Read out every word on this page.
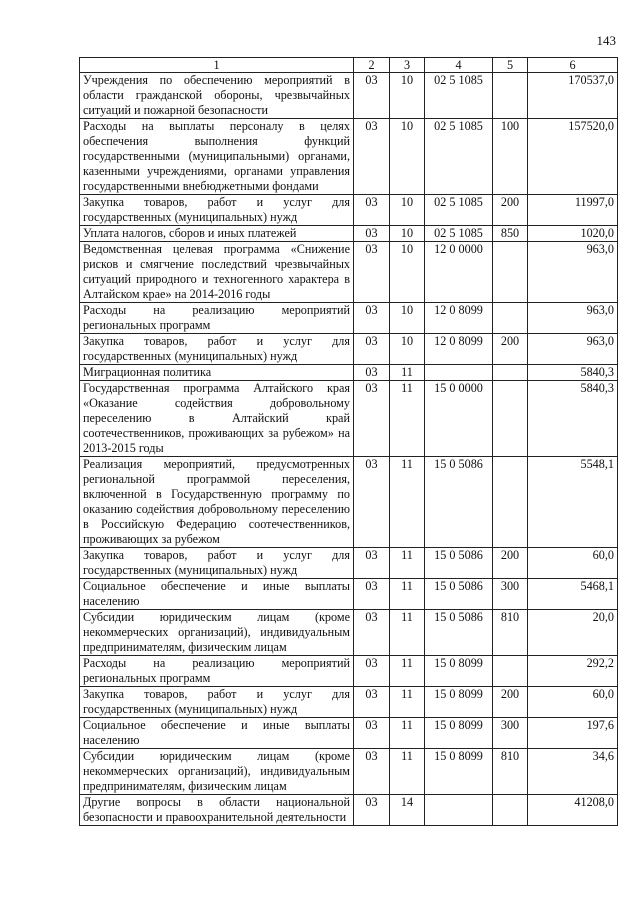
143
1	2	3	4	5	6
Учреждения по обеспечению мероприятий в области гражданской обороны, чрезвычайных ситуаций и пожарной безопасности	03	10	02 5 1085		170537,0
Расходы на выплаты персоналу в целях обеспечения выполнения функций государственными (муниципальными) органами, казенными учреждениями, органами управления государственными внебюджетными фондами	03	10	02 5 1085	100	157520,0
Закупка товаров, работ и услуг для государственных (муниципальных) нужд	03	10	02 5 1085	200	11997,0
Уплата налогов, сборов и иных платежей	03	10	02 5 1085	850	1020,0
Ведомственная целевая программа «Снижение рисков и смягчение последствий чрезвычайных ситуаций природного и техногенного характера в Алтайском крае» на 2014-2016 годы	03	10	12 0 0000		963,0
Расходы на реализацию мероприятий региональных программ	03	10	12 0 8099		963,0
Закупка товаров, работ и услуг для государственных (муниципальных) нужд	03	10	12 0 8099	200	963,0
Миграционная политика	03	11			5840,3
Государственная программа Алтайского края «Оказание содействия добровольному переселению в Алтайский край соотечественников, проживающих за рубежом» на 2013-2015 годы	03	11	15 0 0000		5840,3
Реализация мероприятий, предусмотренных региональной программой переселения, включенной в Государственную программу по оказанию содействия добровольному переселению в Российскую Федерацию соотечественников, проживающих за рубежом	03	11	15 0 5086		5548,1
Закупка товаров, работ и услуг для государственных (муниципальных) нужд	03	11	15 0 5086	200	60,0
Социальное обеспечение и иные выплаты населению	03	11	15 0 5086	300	5468,1
Субсидии юридическим лицам (кроме некоммерческих организаций), индивидуальным предпринимателям, физическим лицам	03	11	15 0 5086	810	20,0
Расходы на реализацию мероприятий региональных программ	03	11	15 0 8099		292,2
Закупка товаров, работ и услуг для государственных (муниципальных) нужд	03	11	15 0 8099	200	60,0
Социальное обеспечение и иные выплаты населению	03	11	15 0 8099	300	197,6
Субсидии юридическим лицам (кроме некоммерческих организаций), индивидуальным предпринимателям, физическим лицам	03	11	15 0 8099	810	34,6
Другие вопросы в области национальной безопасности и правоохранительной деятельности	03	14			41208,0
